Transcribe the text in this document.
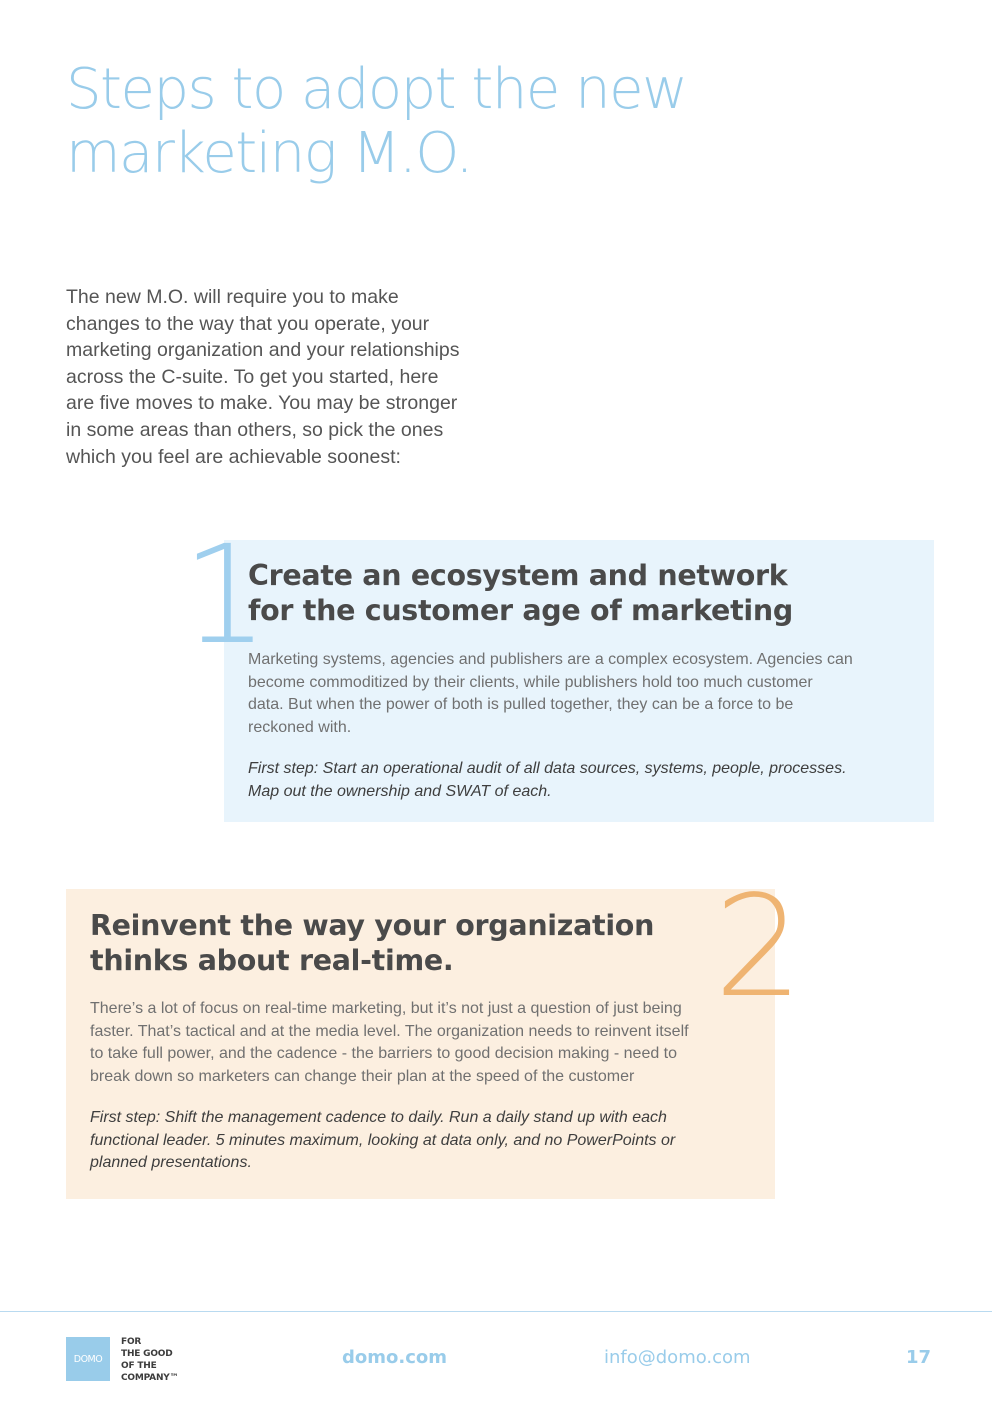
Steps to adopt the new
marketing M.O.
The new M.O. will require you to make
changes to the way that you operate, your
marketing organization and your relationships
across the C-suite. To get you started, here
are five moves to make. You may be stronger
in some areas than others, so pick the ones
which you feel are achievable soonest:
1
Create an ecosystem and network
for the customer age of marketing
Marketing systems, agencies and publishers are a complex ecosystem. Agencies can
become commoditized by their clients, while publishers hold too much customer
data. But when the power of both is pulled together, they can be a force to be
reckoned with.
First step: Start an operational audit of all data sources, systems, people, processes.
Map out the ownership and SWAT of each.
2
Reinvent the way your organization
thinks about real-time.
There’s a lot of focus on real-time marketing, but it’s not just a question of just being
faster. That’s tactical and at the media level. The organization needs to reinvent itself
to take full power, and the cadence - the barriers to good decision making - need to
break down so marketers can change their plan at the speed of the customer
First step: Shift the management cadence to daily. Run a daily stand up with each
functional leader. 5 minutes maximum, looking at data only, and no PowerPoints or
planned presentations.
DOMO
FOR
THE GOOD
OF THE
COMPANY™
domo.com	info@domo.com	17
